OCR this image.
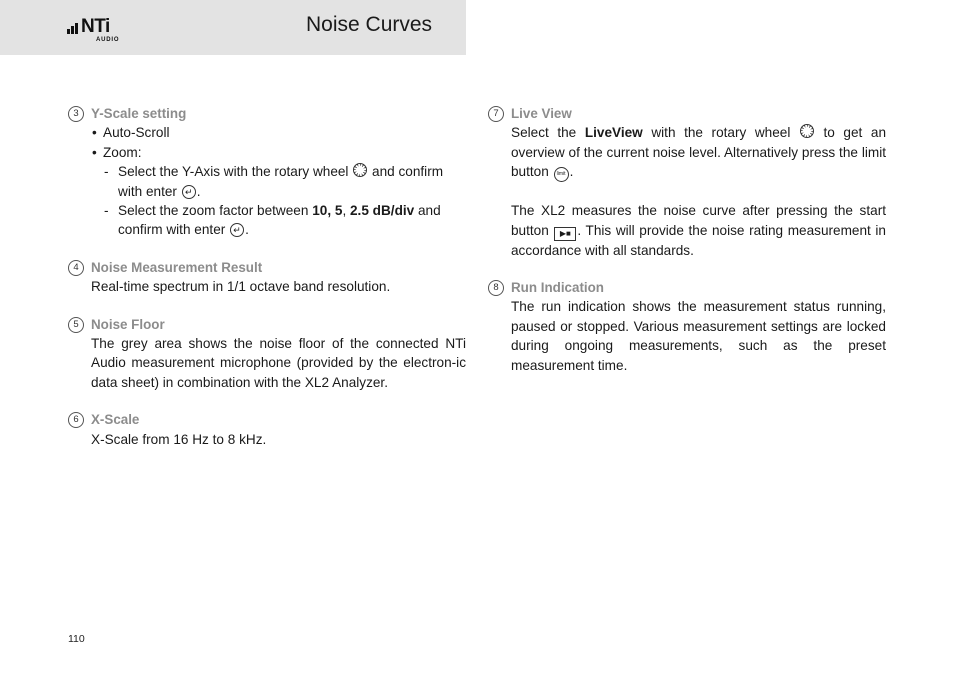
NTi
AUDIO
Noise Curves
3 Y-Scale setting
• Auto-Scroll
• Zoom:
- Select the Y-Axis with the rotary wheel and confirm with enter ↵ .
- Select the zoom factor between 10, 5, 2.5 dB/div and confirm with enter ↵ .
4 Noise Measurement Result
Real-time spectrum in 1/1 octave band resolution.
5 Noise Floor
The grey area shows the noise floor of the connected NTi Audio measurement microphone (provided by the electron-ic data sheet) in combination with the XL2 Analyzer.
6 X-Scale
X-Scale from 16 Hz to 8 kHz.
7 Live View
Select the LiveView with the rotary wheel to get an overview of the current noise level. Alternatively press the limit button limit .
The XL2 measures the noise curve after pressing the start button ▶■ . This will provide the noise rating measurement in accordance with all standards.
8 Run Indication
The run indication shows the measurement status running, paused or stopped. Various measurement settings are locked during ongoing measurements, such as the preset measurement time.
110
